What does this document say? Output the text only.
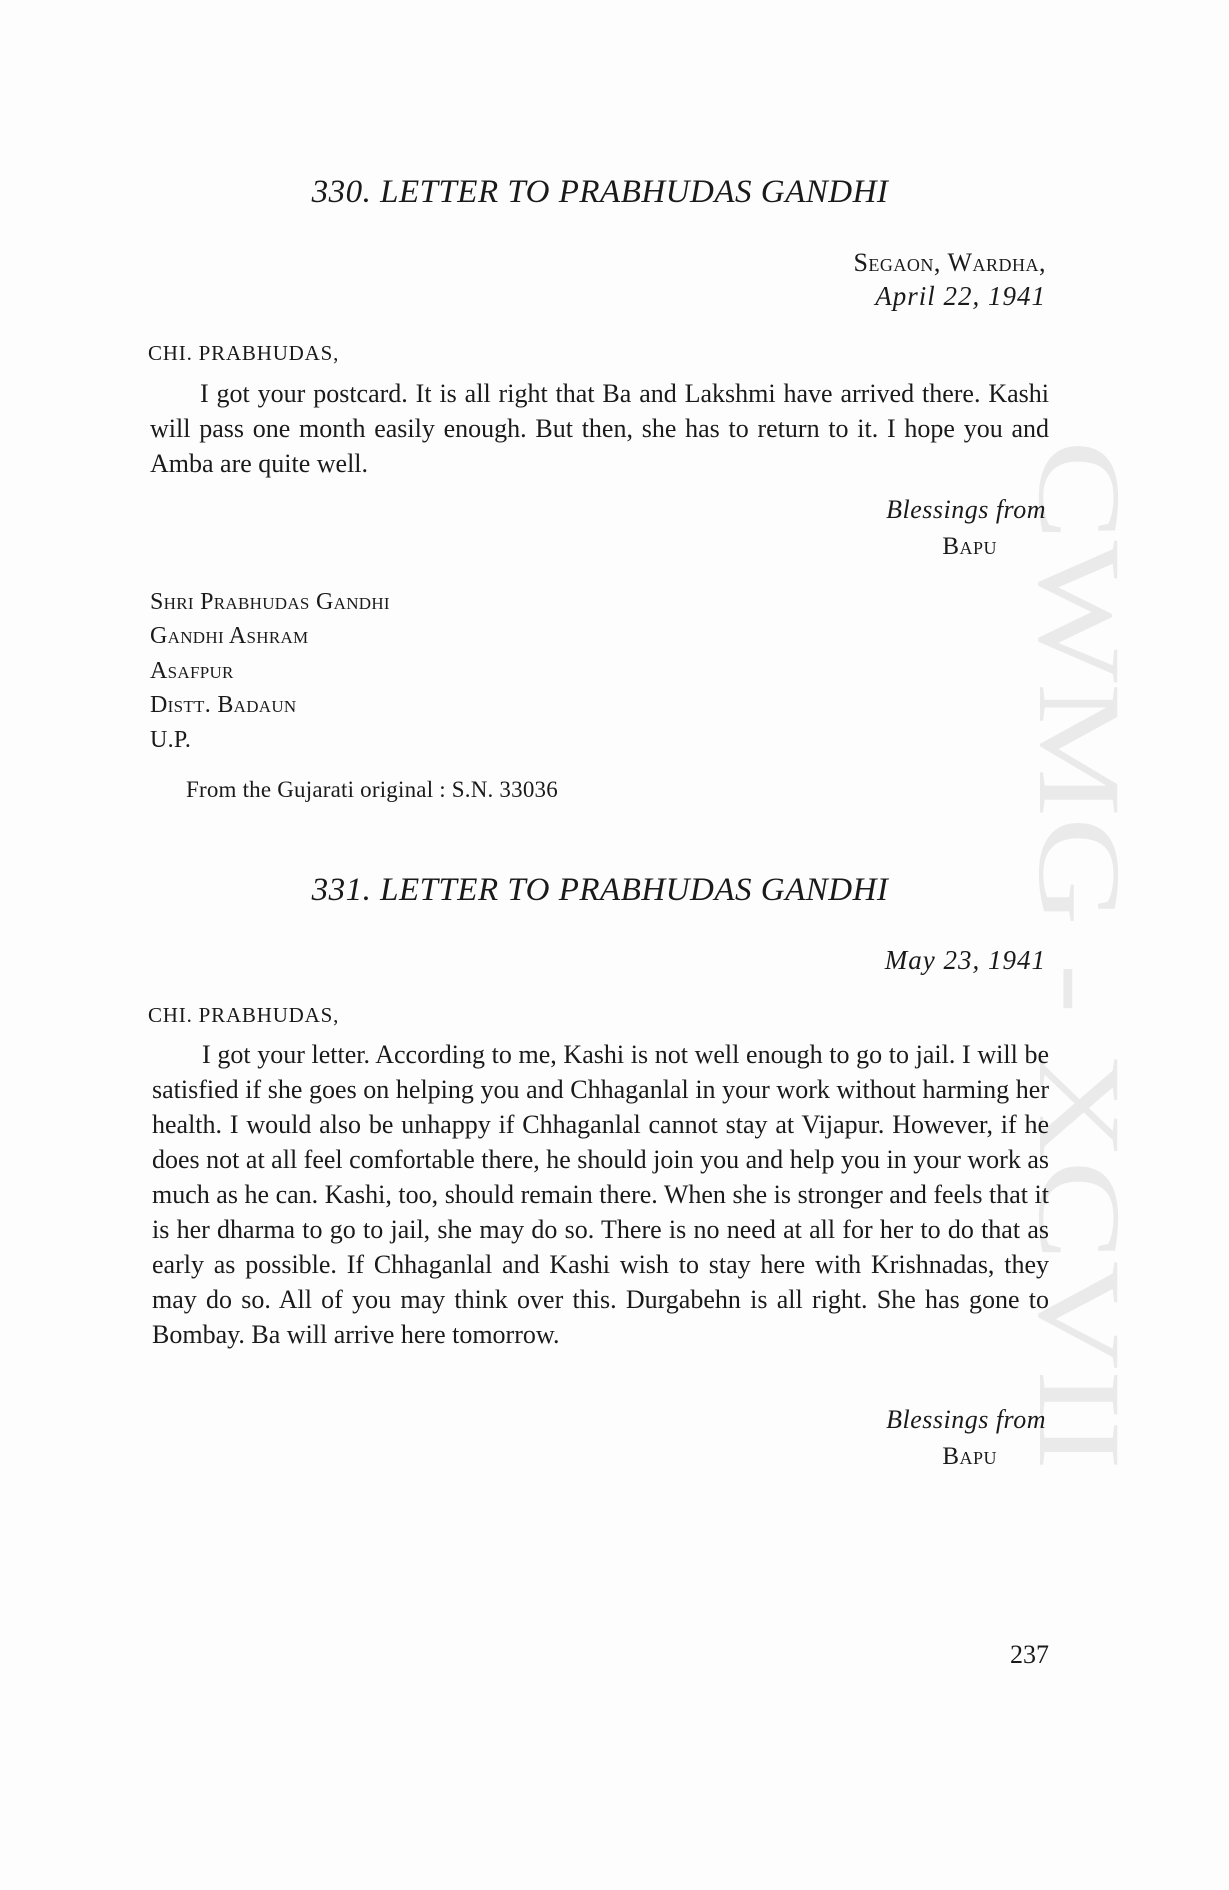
CWMG - XCVII
330. LETTER TO PRABHUDAS GANDHI
Segaon, Wardha,
April 22, 1941
CHI. PRABHUDAS,
I got your postcard. It is all right that Ba and Lakshmi have arrived there. Kashi will pass one month easily enough. But then, she has to return to it. I hope you and Amba are quite well.
Blessings from
Bapu
Shri Prabhudas Gandhi
Gandhi Ashram
Asafpur
Distt. Badaun
U.P.
From the Gujarati original : S.N. 33036
331. LETTER TO PRABHUDAS GANDHI
May 23, 1941
CHI. PRABHUDAS,
I got your letter. According to me, Kashi is not well enough to go to jail. I will be satisfied if she goes on helping you and Chhaganlal in your work without harming her health. I would also be unhappy if Chhaganlal cannot stay at Vijapur. However, if he does not at all feel comfortable there, he should join you and help you in your work as much as he can. Kashi, too, should remain there. When she is stronger and feels that it is her dharma to go to jail, she may do so. There is no need at all for her to do that as early as possible. If Chhaganlal and Kashi wish to stay here with Krishnadas, they may do so. All of you may think over this. Durgabehn is all right. She has gone to Bombay. Ba will arrive here tomorrow.
Blessings from
Bapu
237
